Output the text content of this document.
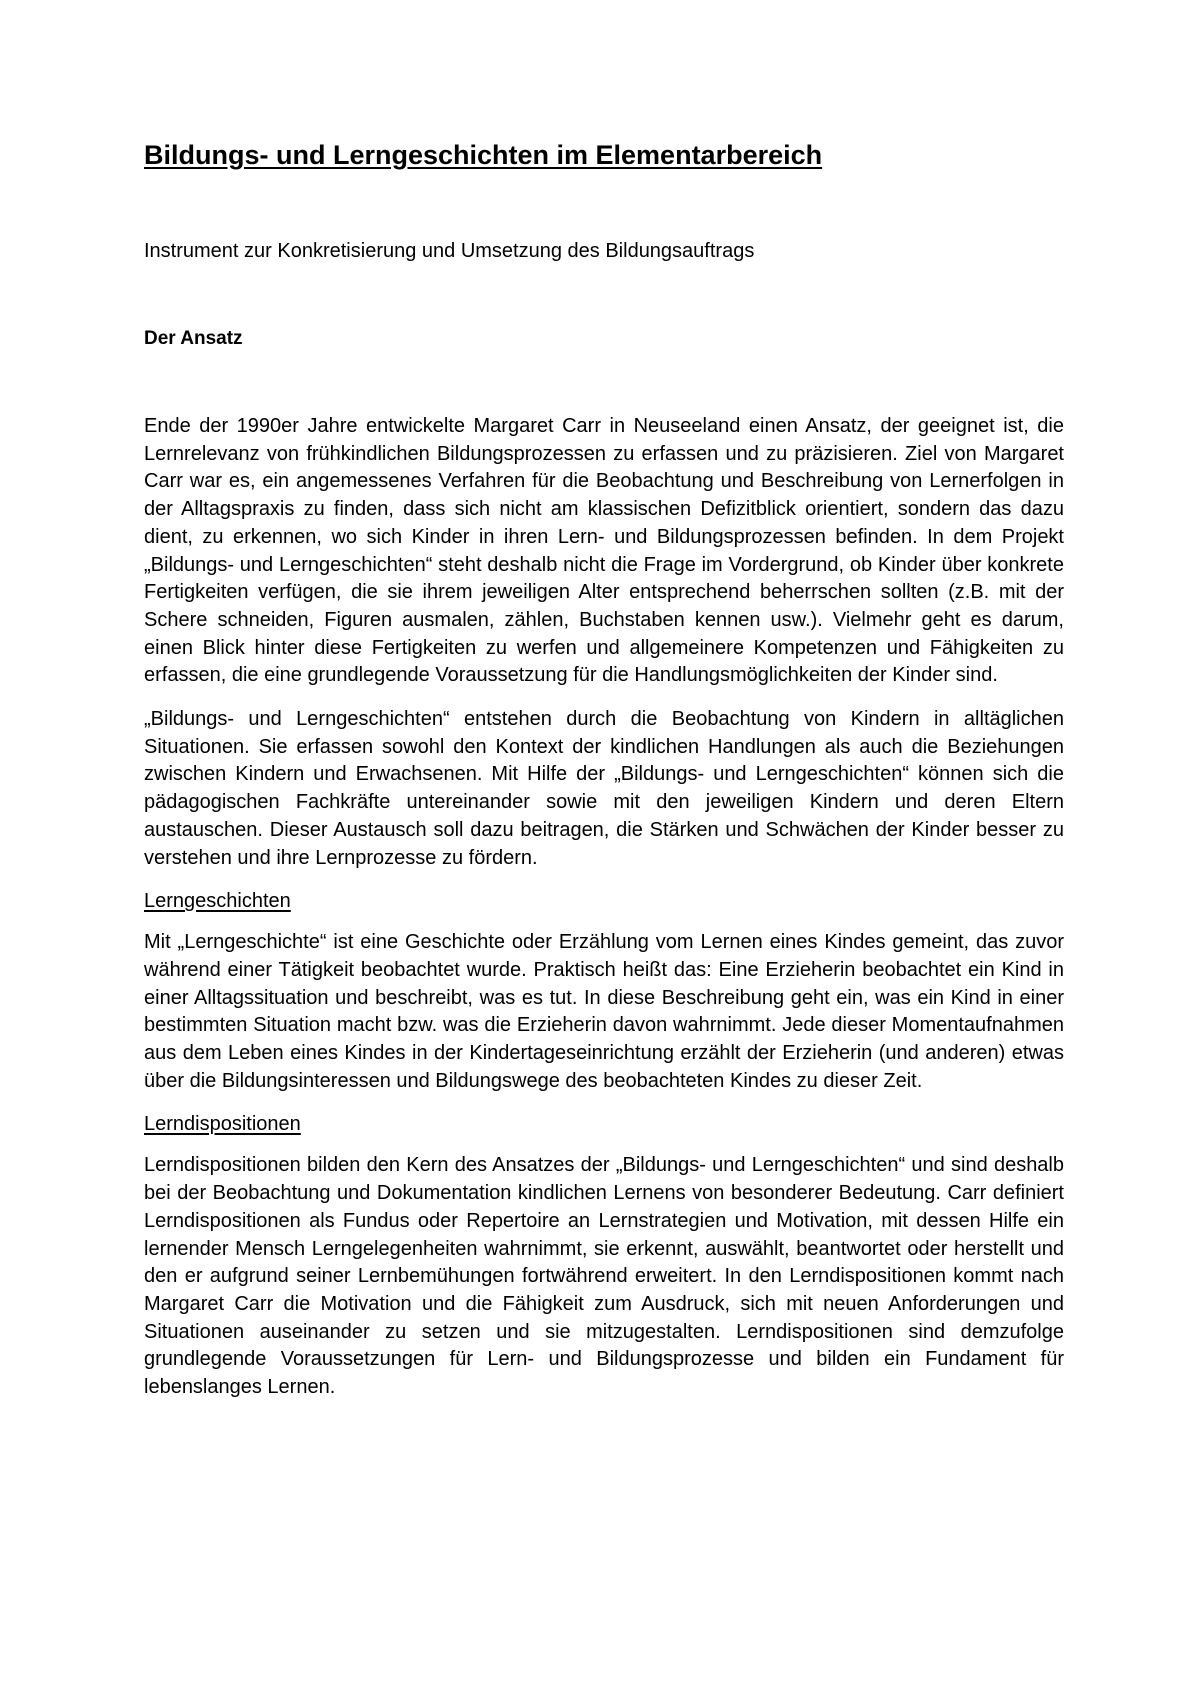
Bildungs- und Lerngeschichten im Elementarbereich
Instrument zur Konkretisierung und Umsetzung des Bildungsauftrags
Der Ansatz

Ende der 1990er Jahre entwickelte Margaret Carr in Neuseeland einen Ansatz, der geeignet ist, die Lernrelevanz von frühkindlichen Bildungsprozessen zu erfassen und zu präzisieren. Ziel von Margaret Carr war es, ein angemessenes Verfahren für die Beobachtung und Beschreibung von Lernerfolgen in der Alltagspraxis zu finden, dass sich nicht am klassischen Defizitblick orientiert, sondern das dazu dient, zu erkennen, wo sich Kinder in ihren Lern- und Bildungsprozessen befinden. In dem Projekt „Bildungs- und Lerngeschichten“ steht deshalb nicht die Frage im Vordergrund, ob Kinder über konkrete Fertigkeiten verfügen, die sie ihrem jeweiligen Alter entsprechend beherrschen sollten (z.B. mit der Schere schneiden, Figuren ausmalen, zählen, Buchstaben kennen usw.). Vielmehr geht es darum, einen Blick hinter diese Fertigkeiten zu werfen und allgemeinere Kompetenzen und Fähigkeiten zu erfassen, die eine grundlegende Voraussetzung für die Handlungsmöglichkeiten der Kinder sind.

„Bildungs- und Lerngeschichten“ entstehen durch die Beobachtung von Kindern in alltäglichen Situationen. Sie erfassen sowohl den Kontext der kindlichen Handlungen als auch die Beziehungen zwischen Kindern und Erwachsenen. Mit Hilfe der „Bildungs- und Lerngeschichten“ können sich die pädagogischen Fachkräfte untereinander sowie mit den jeweiligen Kindern und deren Eltern austauschen. Dieser Austausch soll dazu beitragen, die Stärken und Schwächen der Kinder besser zu verstehen und ihre Lernprozesse zu fördern.

Lerngeschichten

Mit „Lerngeschichte“ ist eine Geschichte oder Erzählung vom Lernen eines Kindes gemeint, das zuvor während einer Tätigkeit beobachtet wurde. Praktisch heißt das: Eine Erzieherin beobachtet ein Kind in einer Alltagssituation und beschreibt, was es tut. In diese Beschreibung geht ein, was ein Kind in einer bestimmten Situation macht bzw. was die Erzieherin davon wahrnimmt. Jede dieser Momentaufnahmen aus dem Leben eines Kindes in der Kindertageseinrichtung erzählt der Erzieherin (und anderen) etwas über die Bildungsinteressen und Bildungswege des beobachteten Kindes zu dieser Zeit.

Lerndispositionen

Lerndispositionen bilden den Kern des Ansatzes der „Bildungs- und Lerngeschichten“ und sind deshalb bei der Beobachtung und Dokumentation kindlichen Lernens von besonderer Bedeutung. Carr definiert Lerndispositionen als Fundus oder Repertoire an Lernstrategien und Motivation, mit dessen Hilfe ein lernender Mensch Lerngelegenheiten wahrnimmt, sie erkennt, auswählt, beantwortet oder herstellt und den er aufgrund seiner Lernbemühungen fortwährend erweitert. In den Lerndispositionen kommt nach Margaret Carr die Motivation und die Fähigkeit zum Ausdruck, sich mit neuen Anforderungen und Situationen auseinander zu setzen und sie mitzugestalten. Lerndispositionen sind demzufolge grundlegende Voraussetzungen für Lern- und Bildungsprozesse und bilden ein Fundament für lebenslanges Lernen.
